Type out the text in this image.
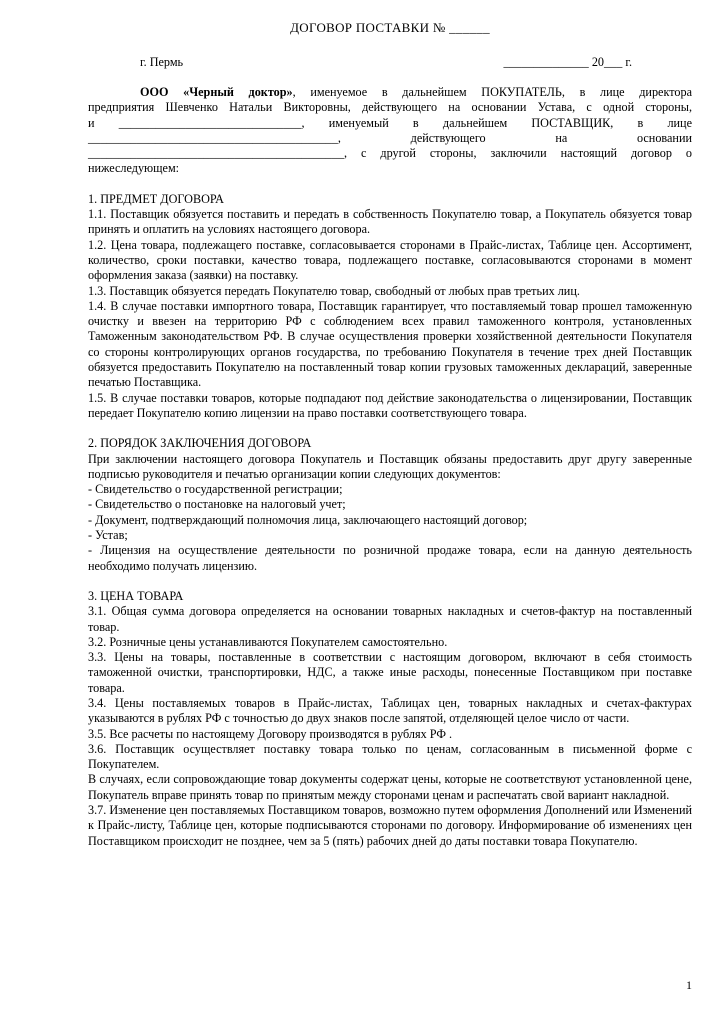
ДОГОВОР ПОСТАВКИ № ______
г. Пермь	______________ 20___ г.

ООО «Черный доктор», именуемое в дальнейшем ПОКУПАТЕЛЬ, в лице директора

предприятия Шевченко Натальи Викторовны, действующего на основании Устава, с одной стороны,

и ______________________________, именуемый в дальнейшем ПОСТАВЩИК, в лице

_________________________________________, действующего на основании

__________________________________________, с другой стороны, заключили настоящий договор о

нижеследующем:

1. ПРЕДМЕТ ДОГОВОРА

1.1. Поставщик обязуется поставить и передать в собственность Покупателю товар, а Покупатель обязуется товар принять и оплатить на условиях настоящего договора.

1.2. Цена товара, подлежащего поставке, согласовывается сторонами в Прайс-листах, Таблице цен. Ассортимент, количество, сроки поставки, качество товара, подлежащего поставке, согласовываются сторонами в момент оформления заказа (заявки) на поставку.

1.3. Поставщик обязуется передать Покупателю товар, свободный от любых прав третьих лиц.

1.4. В случае поставки импортного товара, Поставщик гарантирует, что поставляемый товар прошел таможенную очистку и ввезен на территорию РФ с соблюдением всех правил таможенного контроля, установленных Таможенным законодательством РФ. В случае осуществления проверки хозяйственной деятельности Покупателя со стороны контролирующих органов государства, по требованию Покупателя в течение трех дней Поставщик обязуется предоставить Покупателю на поставленный товар копии грузовых таможенных деклараций, заверенные печатью Поставщика.

1.5. В случае поставки товаров, которые подпадают под действие законодательства о лицензировании, Поставщик передает Покупателю копию лицензии на право поставки соответствующего товара.

2. ПОРЯДОК ЗАКЛЮЧЕНИЯ ДОГОВОРА

При заключении настоящего договора Покупатель и Поставщик обязаны предоставить друг другу заверенные подписью руководителя и печатью организации копии следующих документов:

- Свидетельство о государственной регистрации;

- Свидетельство о постановке на налоговый учет;

- Документ, подтверждающий полномочия лица, заключающего настоящий договор;

- Устав;

- Лицензия на осуществление деятельности по розничной продаже товара, если на данную деятельность необходимо получать лицензию.

3. ЦЕНА ТОВАРА

3.1. Общая сумма договора определяется на основании товарных накладных и счетов-фактур на поставленный товар.

3.2. Розничные цены устанавливаются Покупателем самостоятельно.

3.3. Цены на товары, поставленные в соответствии с настоящим договором, включают в себя стоимость таможенной очистки, транспортировки, НДС, а также иные расходы, понесенные Поставщиком при поставке товара.

3.4. Цены поставляемых товаров в Прайс-листах, Таблицах цен, товарных накладных и счетах-фактурах указываются в рублях РФ с точностью до двух знаков после запятой, отделяющей целое число от части.

3.5. Все расчеты по настоящему Договору производятся в рублях РФ .

3.6. Поставщик осуществляет поставку товара только по ценам, согласованным в письменной форме с Покупателем.

В случаях, если сопровождающие товар документы содержат цены, которые не соответствуют установленной цене, Покупатель вправе принять товар по принятым между сторонами ценам и распечатать свой вариант накладной.

3.7. Изменение цен поставляемых Поставщиком товаров, возможно путем оформления Дополнений или Изменений к Прайс-листу, Таблице цен, которые подписываются сторонами по договору. Информирование об изменениях цен Поставщиком происходит не позднее, чем за 5 (пять) рабочих дней до даты поставки товара Покупателю.

1
